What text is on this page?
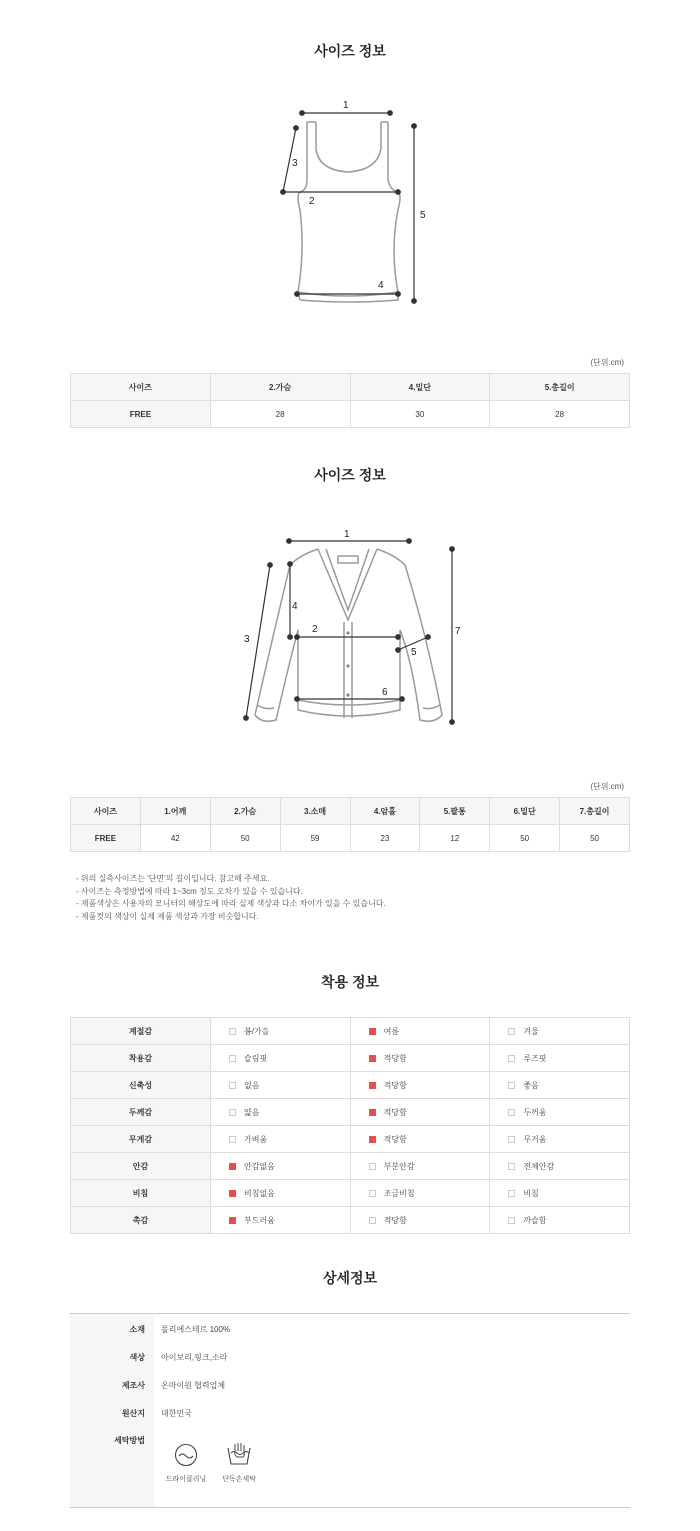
사이즈 정보
1
2
3
4
5
(단위:cm)
사이즈	2.가슴	4.밑단	5.총길이
FREE	28	30	28
사이즈 정보
1
2
3
4
5
6
7
(단위:cm)
사이즈	1.어깨	2.가슴	3.소매	4.암홀	5.팔통	6.밑단	7.총길이
FREE	42	50	59	23	12	50	50
- 위의 실측사이즈는 '단면'의 길이입니다. 참고해 주세요.
- 사이즈는 측정방법에 따라 1~3cm 정도 오차가 있을 수 있습니다.
- 제품색상은 사용자의 모니터의 해상도에 따라 실제 색상과 다소 차이가 있을 수 있습니다.
- 제품컷의 색상이 실제 제품 색상과 가장 비슷합니다.
착용 정보
계절감	봄/가을	여름	겨울
착용감	슬림핏	적당함	루즈핏
신축성	없음	적당함	좋음
두께감	얇음	적당함	두꺼움
무게감	가벼움	적당함	무거움
안감	안감없음	부분안감	전체안감
비침	비침없음	조금비침	비침
촉감	부드러움	적당함	까슬함
상세정보
소재 폴리에스테르 100%
색상 아이보리,핑크,소라
제조사 온마이원 협력업체
원산지 대한민국
세탁방법
드라이클리닝	단독손세탁
